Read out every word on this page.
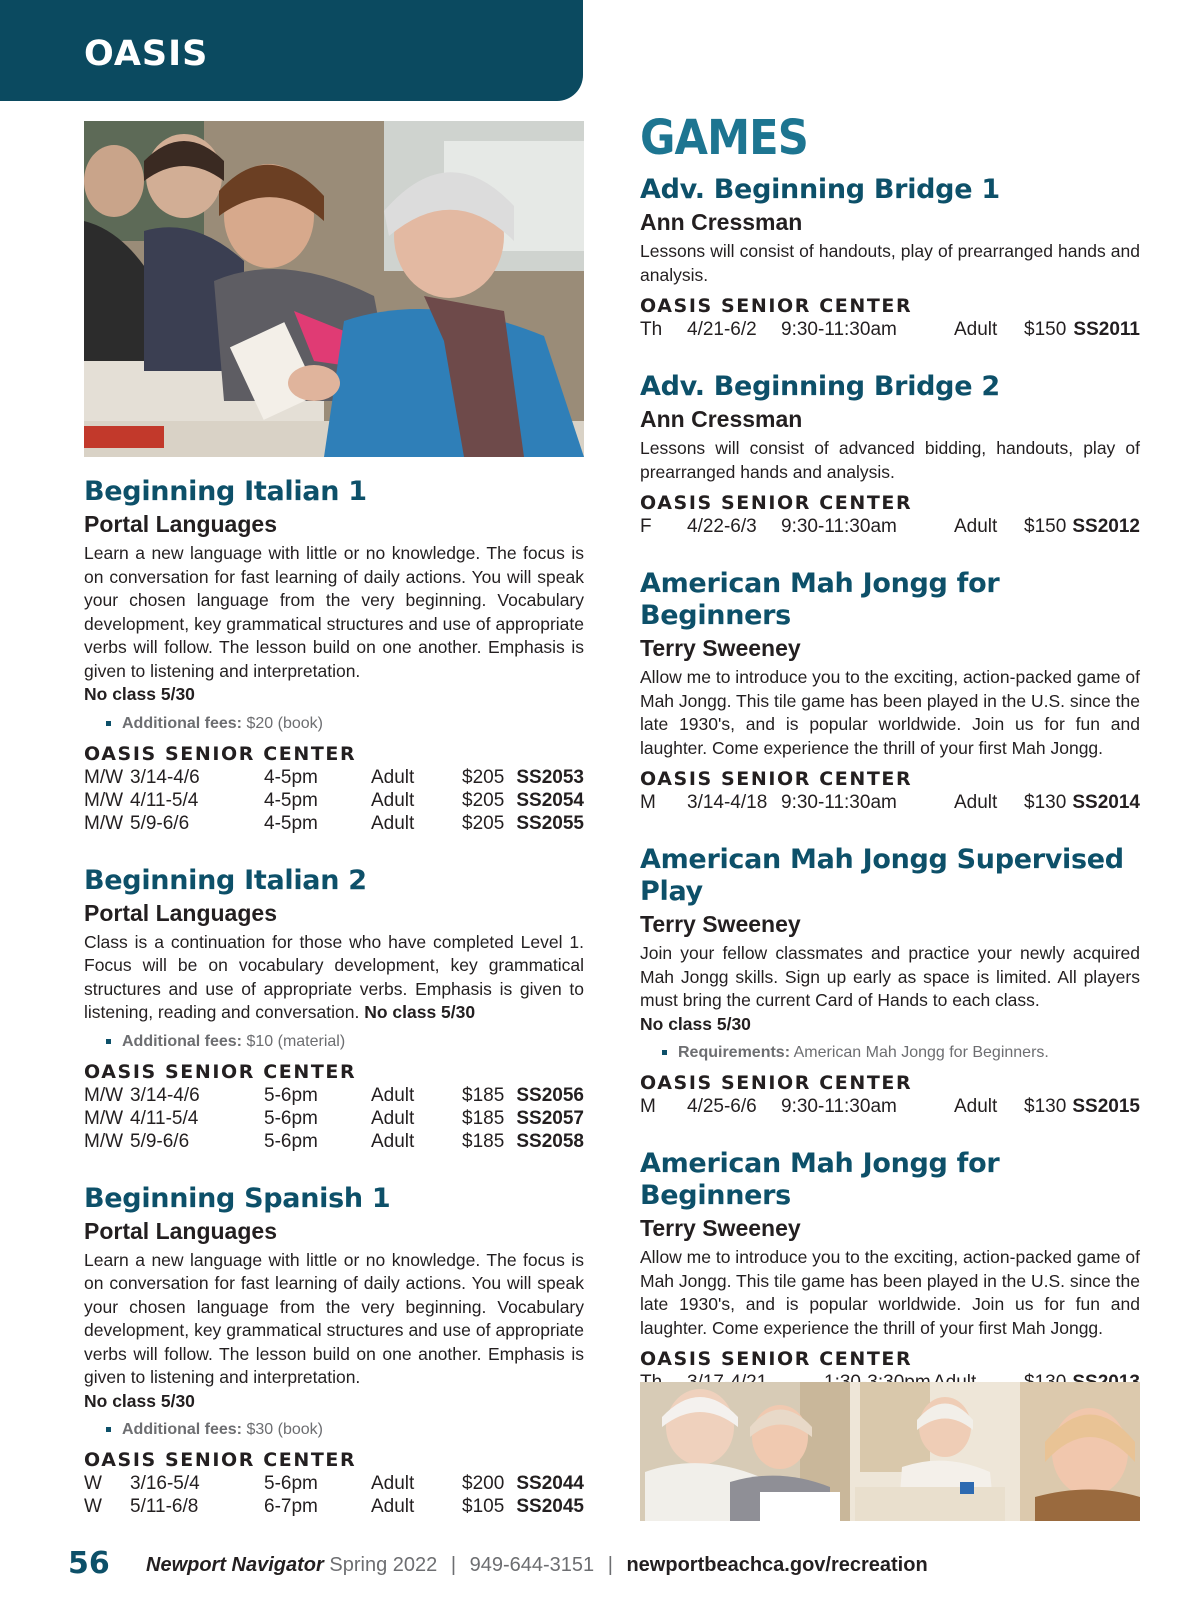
OASIS
Beginning Italian 1

Portal Languages

Learn a new language with little or no knowledge. The focus is on conversation for fast learning of daily actions. You will speak your chosen language from the very beginning. Vocabulary development, key grammatical structures and use of appropriate verbs will follow. The lesson build on one another. Emphasis is given to listening and interpretation.
No class 5/30

Additional fees: $20 (book)

OASIS SENIOR CENTER

M/W	3/14-4/6	4-5pm	Adult	$205	SS2053
M/W	4/11-5/4	4-5pm	Adult	$205	SS2054
M/W	5/9-6/6	4-5pm	Adult	$205	SS2055
Beginning Italian 2

Portal Languages

Class is a continuation for those who have completed Level 1. Focus will be on vocabulary development, key grammatical structures and use of appropriate verbs. Emphasis is given to listening, reading and conversation. No class 5/30

Additional fees: $10 (material)

OASIS SENIOR CENTER

M/W	3/14-4/6	5-6pm	Adult	$185	SS2056
M/W	4/11-5/4	5-6pm	Adult	$185	SS2057
M/W	5/9-6/6	5-6pm	Adult	$185	SS2058
Beginning Spanish 1

Portal Languages

Learn a new language with little or no knowledge. The focus is on conversation for fast learning of daily actions. You will speak your chosen language from the very beginning. Vocabulary development, key grammatical structures and use of appropriate verbs will follow. The lesson build on one another. Emphasis is given to listening and interpretation.
No class 5/30

Additional fees: $30 (book)

OASIS SENIOR CENTER

W	3/16-5/4	5-6pm	Adult	$200	SS2044
W	5/11-6/8	6-7pm	Adult	$105	SS2045
GAMES
Adv. Beginning Bridge 1

Ann Cressman

Lessons will consist of handouts, play of prearranged hands and analysis.

OASIS SENIOR CENTER

Th	4/21-6/2	9:30-11:30am	Adult	$150	SS2011
Adv. Beginning Bridge 2

Ann Cressman

Lessons will consist of advanced bidding, handouts, play of prearranged hands and analysis.

OASIS SENIOR CENTER

F	4/22-6/3	9:30-11:30am	Adult	$150	SS2012
American Mah Jongg for Beginners

Terry Sweeney

Allow me to introduce you to the exciting, action-packed game of Mah Jongg. This tile game has been played in the U.S. since the late 1930's, and is popular worldwide. Join us for fun and laughter. Come experience the thrill of your first Mah Jongg.

OASIS SENIOR CENTER

M	3/14-4/18	9:30-11:30am	Adult	$130	SS2014
American Mah Jongg Supervised Play

Terry Sweeney

Join your fellow classmates and practice your newly acquired Mah Jongg skills. Sign up early as space is limited. All players must bring the current Card of Hands to each class.
No class 5/30

Requirements: American Mah Jongg for Beginners.

OASIS SENIOR CENTER

M	4/25-6/6	9:30-11:30am	Adult	$130	SS2015
American Mah Jongg for Beginners

Terry Sweeney

Allow me to introduce you to the exciting, action-packed game of Mah Jongg. This tile game has been played in the U.S. since the late 1930's, and is popular worldwide. Join us for fun and laughter. Come experience the thrill of your first Mah Jongg.

OASIS SENIOR CENTER

56 Newport Navigator Spring 2022 | 949-644-3151 | newportbeachca.gov/recreation
